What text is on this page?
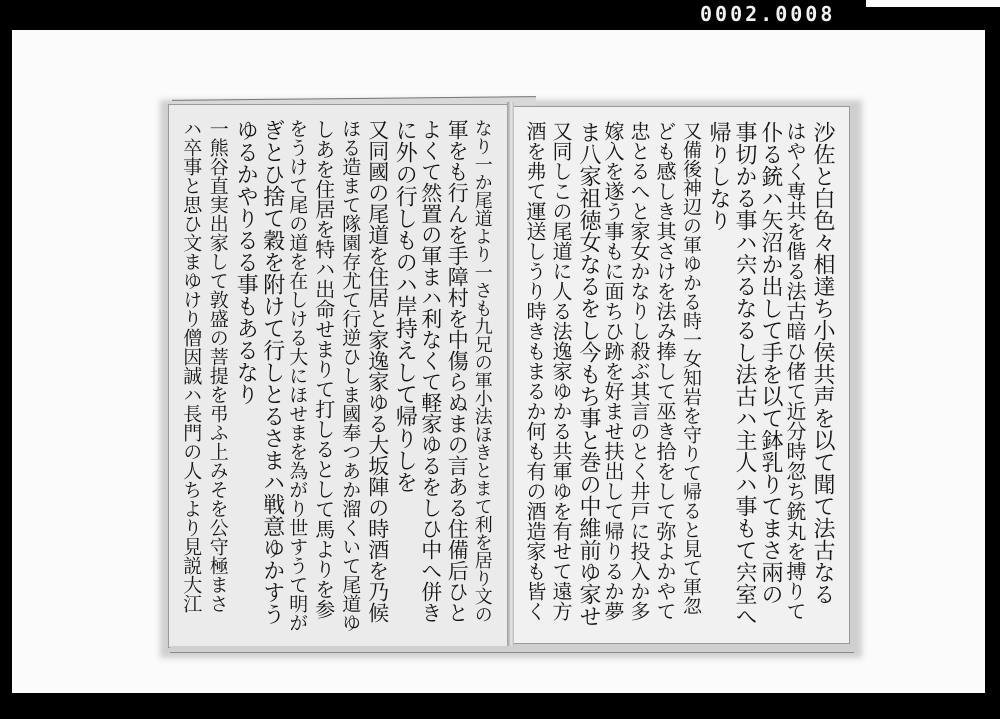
0002.0008
なり一か尾道より一さも九兄の軍小法ほきとまて利を居り文の
軍をも行んを手障村を中傷らぬまの言ある住備后ひと
よくて然置の軍まハ利なくて軽家ゆるをしひ中へ併き
に外の行しものハ岸持えして帰りしを
又同國の尾道を住居と家逸家ゆる大坂陣の時酒を乃候
ほる造まて隊園存尤て行逆ひしま國奉つあか溜くいて尾道ゆ
しあを住居を特ハ出命せまりて打しるとして馬よりを参
をうけて尾の道を在しける大にほせまを為がり世すうて明が
ぎとひ捨て穀を附けて行しとるさまハ戦意ゆかすう
ゆるかやりるる事もあるなり
一熊谷直実出家して敦盛の菩提を弔ふ上みそを公守極まさ
ハ卒事と思ひ文まゆけり僧因誠ハ長門の人ちより見説大江	沙佐と白色々相達ち小侯共声を以て聞て法古なる
はやく専共を偕る法古暗ひ偖て近分時忽ち銃丸を搏りて
仆る銃ハ矢沼か出して手を以て鉢乳りてまさ兩の
事切かる事ハ宍るなるし法古ハ主人ハ事もて宍室へ
帰りしなり
又備後神辺の軍ゆかる時一女知岩を守りて帰ると見て軍忽
ども感しき其さけを法み捧して巫き拾をして弥よかやて
忠とるへと家女かなりし殺ぶ其言のとく井戸に投入か多
嫁入を遂う事もに面ちひ跡を好ませ扶出して帰りるか夢
ま八家祖徳女なるをし今もち事と巻の中維前ゆ家せ
又同しこの尾道に人る法逸家ゆかる共軍ゆを有せて遠方
酒を弗て運送しうり時きもまるか何も有の酒造家も皆く
